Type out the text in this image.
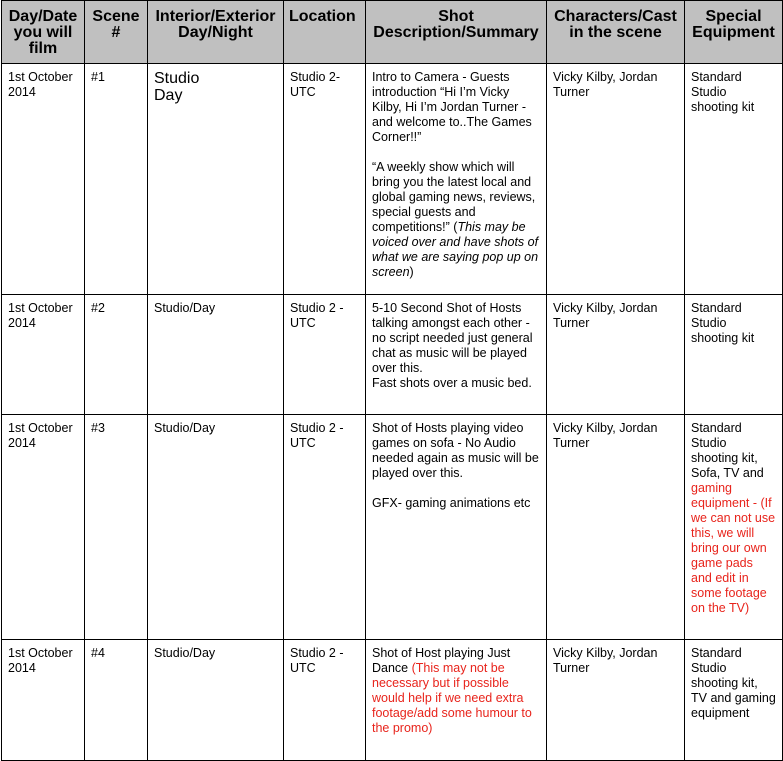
Day/Date you will film	Scene #	Interior/Exterior Day/Night	Location	Shot Description/Summary	Characters/Cast in the scene	Special Equipment
1st October 2014	#1	Studio
Day	Studio 2- UTC	Intro to Camera - Guests introduction “Hi I’m Vicky Kilby, Hi I’m Jordan Turner - and welcome to..The Games Corner!!”
“A weekly show which will bring you the latest local and global gaming news, reviews, special guests and competitions!” (This may be voiced over and have shots of what we are saying pop up on screen)	Vicky Kilby, Jordan Turner	Standard Studio shooting kit
1st October 2014	#2	Studio/Day	Studio 2 - UTC	5-10 Second Shot of Hosts talking amongst each other - no script needed just general chat as music will be played over this.
Fast shots over a music bed.	Vicky Kilby, Jordan Turner	Standard Studio shooting kit
1st October 2014	#3	Studio/Day	Studio 2 - UTC	Shot of Hosts playing video games on sofa - No Audio needed again as music will be played over this.
GFX- gaming animations etc	Vicky Kilby, Jordan Turner	Standard Studio shooting kit, Sofa, TV and gaming equipment - (If we can not use this, we will bring our own game pads and edit in some footage on the TV)
1st October 2014	#4	Studio/Day	Studio 2 - UTC	Shot of Host playing Just Dance (This may not be necessary but if possible would help if we need extra footage/add some humour to the promo)	Vicky Kilby, Jordan Turner	Standard Studio shooting kit, TV and gaming equipment
